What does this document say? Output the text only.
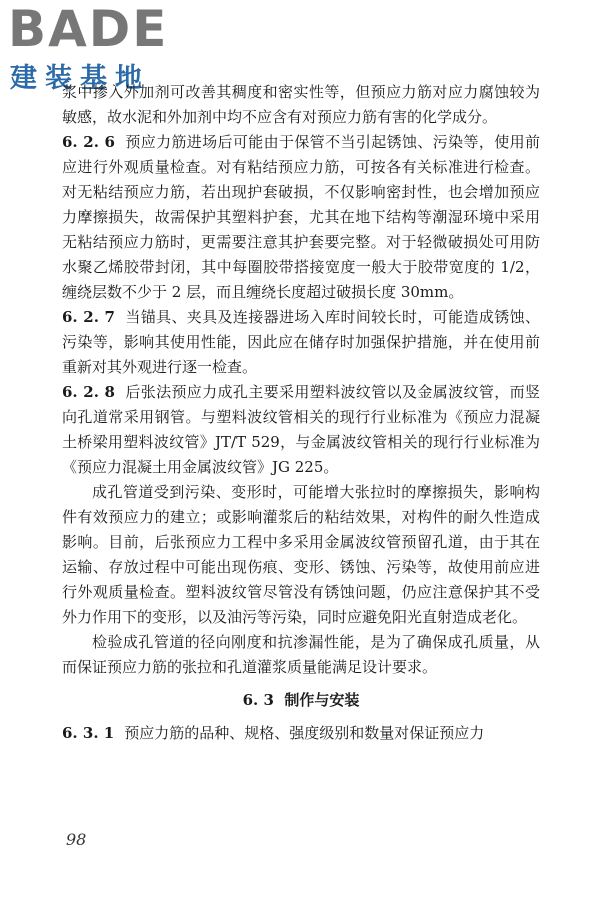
BADE
建装基地

浆中掺入外加剂可改善其稠度和密实性等，但预应力筋对应力腐蚀较为敏感，故水泥和外加剂中均不应含有对预应力筋有害的化学成分。

6. 2. 6 预应力筋进场后可能由于保管不当引起锈蚀、污染等，使用前应进行外观质量检查。对有粘结预应力筋，可按各有关标准进行检查。对无粘结预应力筋，若出现护套破损，不仅影响密封性，也会增加预应力摩擦损失，故需保护其塑料护套，尤其在地下结构等潮湿环境中采用无粘结预应力筋时，更需要注意其护套要完整。对于轻微破损处可用防水聚乙烯胶带封闭，其中每圈胶带搭接宽度一般大于胶带宽度的 1/2，缠绕层数不少于 2 层，而且缠绕长度超过破损长度 30mm。

6. 2. 7 当锚具、夹具及连接器进场入库时间较长时，可能造成锈蚀、污染等，影响其使用性能，因此应在储存时加强保护措施，并在使用前重新对其外观进行逐一检查。

6. 2. 8 后张法预应力成孔主要采用塑料波纹管以及金属波纹管，而竖向孔道常采用钢管。与塑料波纹管相关的现行行业标准为《预应力混凝土桥梁用塑料波纹管》JT/T 529，与金属波纹管相关的现行行业标准为《预应力混凝土用金属波纹管》JG 225。

成孔管道受到污染、变形时，可能增大张拉时的摩擦损失，影响构件有效预应力的建立；或影响灌浆后的粘结效果，对构件的耐久性造成影响。目前，后张预应力工程中多采用金属波纹管预留孔道，由于其在运输、存放过程中可能出现伤痕、变形、锈蚀、污染等，故使用前应进行外观质量检查。塑料波纹管尽管没有锈蚀问题，仍应注意保护其不受外力作用下的变形，以及油污等污染，同时应避免阳光直射造成老化。

检验成孔管道的径向刚度和抗渗漏性能，是为了确保成孔质量，从而保证预应力筋的张拉和孔道灌浆质量能满足设计要求。

6. 3 制作与安装

6. 3. 1 预应力筋的品种、规格、强度级别和数量对保证预应力

98
